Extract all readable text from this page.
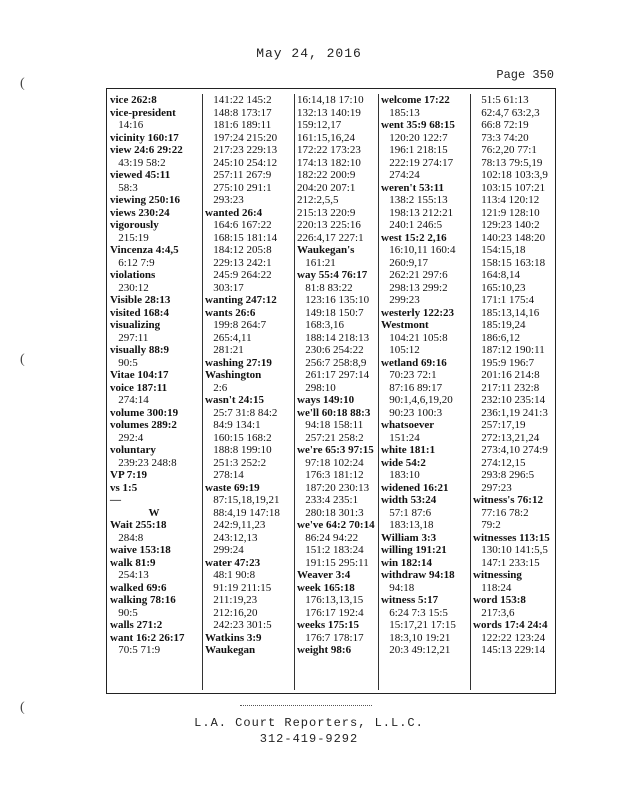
May 24, 2016
Page 350
(
(
(
vice 262:8
vice-president
14:16
vicinity 160:17
view 24:6 29:22
43:19 58:2
viewed 45:11
58:3
viewing 250:16
views 230:24
vigorously
215:19
Vincenza 4:4,5
6:12 7:9
violations
230:12
Visible 28:13
visited 168:4
visualizing
297:11
visually 88:9
90:5
Vitae 104:17
voice 187:11
274:14
volume 300:19
volumes 289:2
292:4
voluntary
239:23 248:8
VP 7:19
vs 1:5
—
W
Wait 255:18
284:8
waive 153:18
walk 81:9
254:13
walked 69:6
walking 78:16
90:5
walls 271:2
want 16:2 26:17
70:5 71:9
141:22 145:2
148:8 173:17
181:6 189:11
197:24 215:20
217:23 229:13
245:10 254:12
257:11 267:9
275:10 291:1
293:23
wanted 26:4
164:6 167:22
168:15 181:14
184:12 205:8
229:13 242:1
245:9 264:22
303:17
wanting 247:12
wants 26:6
199:8 264:7
265:4,11
281:21
washing 27:19
Washington
2:6
wasn't 24:15
25:7 31:8 84:2
84:9 134:1
160:15 168:2
188:8 199:10
251:3 252:2
278:14
waste 69:19
87:15,18,19,21
88:4,19 147:18
242:9,11,23
243:12,13
299:24
water 47:23
48:1 90:8
91:19 211:15
211:19,23
212:16,20
242:23 301:5
Watkins 3:9
Waukegan
16:14,18 17:10
132:13 140:19
159:12,17
161:15,16,24
172:22 173:23
174:13 182:10
182:22 200:9
204:20 207:1
212:2,5,5
215:13 220:9
220:13 225:16
226:4,17 227:1
Waukegan's
161:21
way 55:4 76:17
81:8 83:22
123:16 135:10
149:18 150:7
168:3,16
188:14 218:13
230:6 254:22
256:7 258:8,9
261:17 297:14
298:10
ways 149:10
we'll 60:18 88:3
94:18 158:11
257:21 258:2
we're 65:3 97:15
97:18 102:24
176:3 181:12
187:20 230:13
233:4 235:1
280:18 301:3
we've 64:2 70:14
86:24 94:22
151:2 183:24
191:15 295:11
Weaver 3:4
week 165:18
176:13,13,15
176:17 192:4
weeks 175:15
176:7 178:17
weight 98:6
welcome 17:22
185:13
went 35:9 68:15
120:20 122:7
196:1 218:15
222:19 274:17
274:24
weren't 53:11
138:2 155:13
198:13 212:21
240:1 246:5
west 15:2 2,16
16:10,11 160:4
260:9,17
262:21 297:6
298:13 299:2
299:23
westerly 122:23
Westmont
104:21 105:8
105:12
wetland 69:16
70:23 72:1
87:16 89:17
90:1,4,6,19,20
90:23 100:3
whatsoever
151:24
white 181:1
wide 54:2
183:10
widened 16:21
width 53:24
57:1 87:6
183:13,18
William 3:3
willing 191:21
win 182:14
withdraw 94:18
94:18
witness 5:17
6:24 7:3 15:5
15:17,21 17:15
18:3,10 19:21
20:3 49:12,21
51:5 61:13
62:4,7 63:2,3
66:8 72:19
73:3 74:20
76:2,20 77:1
78:13 79:5,19
102:18 103:3,9
103:15 107:21
113:4 120:12
121:9 128:10
129:23 140:2
140:23 148:20
154:15,18
158:15 163:18
164:8,14
165:10,23
171:1 175:4
185:13,14,16
185:19,24
186:6,12
187:12 190:11
195:9 196:7
201:16 214:8
217:11 232:8
232:10 235:14
236:1,19 241:3
257:17,19
272:13,21,24
273:4,10 274:9
274:12,15
293:8 296:5
297:23
witness's 76:12
77:16 78:2
79:2
witnesses 113:15
130:10 141:5,5
147:1 233:15
witnessing
118:24
word 153:8
217:3,6
words 17:4 24:4
122:22 123:24
145:13 229:14
L.A. Court Reporters, L.L.C.
312-419-9292
